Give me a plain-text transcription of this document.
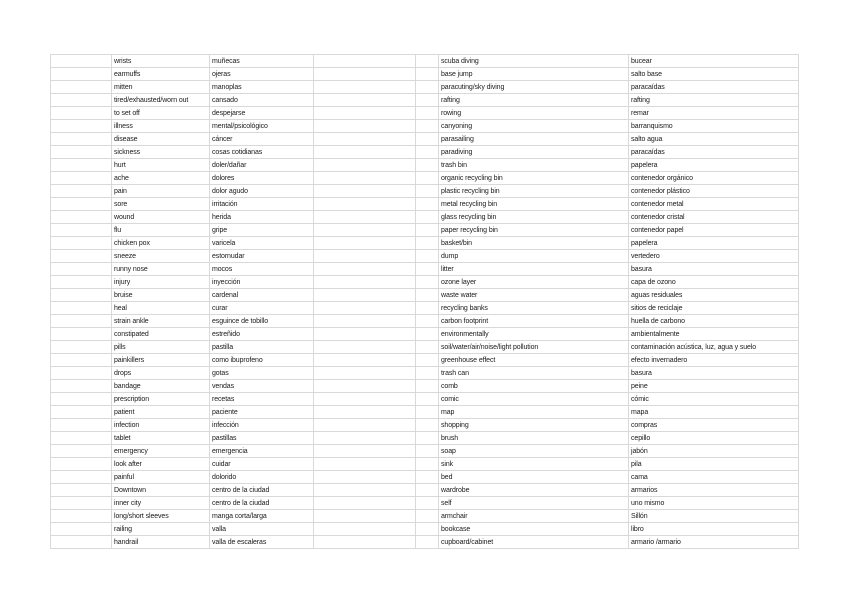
	wrists	muñecas			scuba diving	bucear
	earmuffs	ojeras			base jump	salto base
	mitten	manoplas			paracuting/sky diving	paracaídas
	tired/exhausted/worn out	cansado			rafting	rafting
	to set off	despejarse			rowing	remar
	illness	mental/psicológico			canyoning	barranquismo
	disease	cáncer			parasailing	salto agua
	sickness	cosas cotidianas			paradiving	paracaídas
	hurt	doler/dañar			trash bin	papelera
	ache	dolores			organic recycling bin	contenedor orgánico
	pain	dolor agudo			plastic recycling bin	contenedor plástico
	sore	irritación			metal recycling bin	contenedor metal
	wound	herida			glass recycling bin	contenedor cristal
	flu	gripe			paper recycling bin	contenedor papel
	chicken pox	varicela			basket/bin	papelera
	sneeze	estornudar			dump	vertedero
	runny nose	mocos			litter	basura
	injury	inyección			ozone layer	capa de ozono
	bruise	cardenal			waste water	aguas residuales
	heal	curar			recycling banks	sitios de reciclaje
	strain ankle	esguince de tobillo			carbon footprint	huella de carbono
	constipated	estreñido			environmentally	ambientalmente
	pills	pastilla			soil/water/air/noise/light pollution	contaminación acústica, luz, agua y suelo
	painkillers	como ibuprofeno			greenhouse effect	efecto invernadero
	drops	gotas			trash can	basura
	bandage	vendas			comb	peine
	prescription	recetas			comic	cómic
	patient	paciente			map	mapa
	infection	infección			shopping	compras
	tablet	pastillas			brush	cepillo
	emergency	emergencia			soap	jabón
	look after	cuidar			sink	pila
	painful	dolorido			bed	cama
	Downtown	centro de la ciudad			wardrobe	armarios
	inner city	centro de la ciudad			self	uno mismo
	long/short sleeves	manga corta/larga			armchair	Sillón
	railing	valla			bookcase	libro
	handrail	valla de escaleras			cupboard/cabinet	armario /armario
